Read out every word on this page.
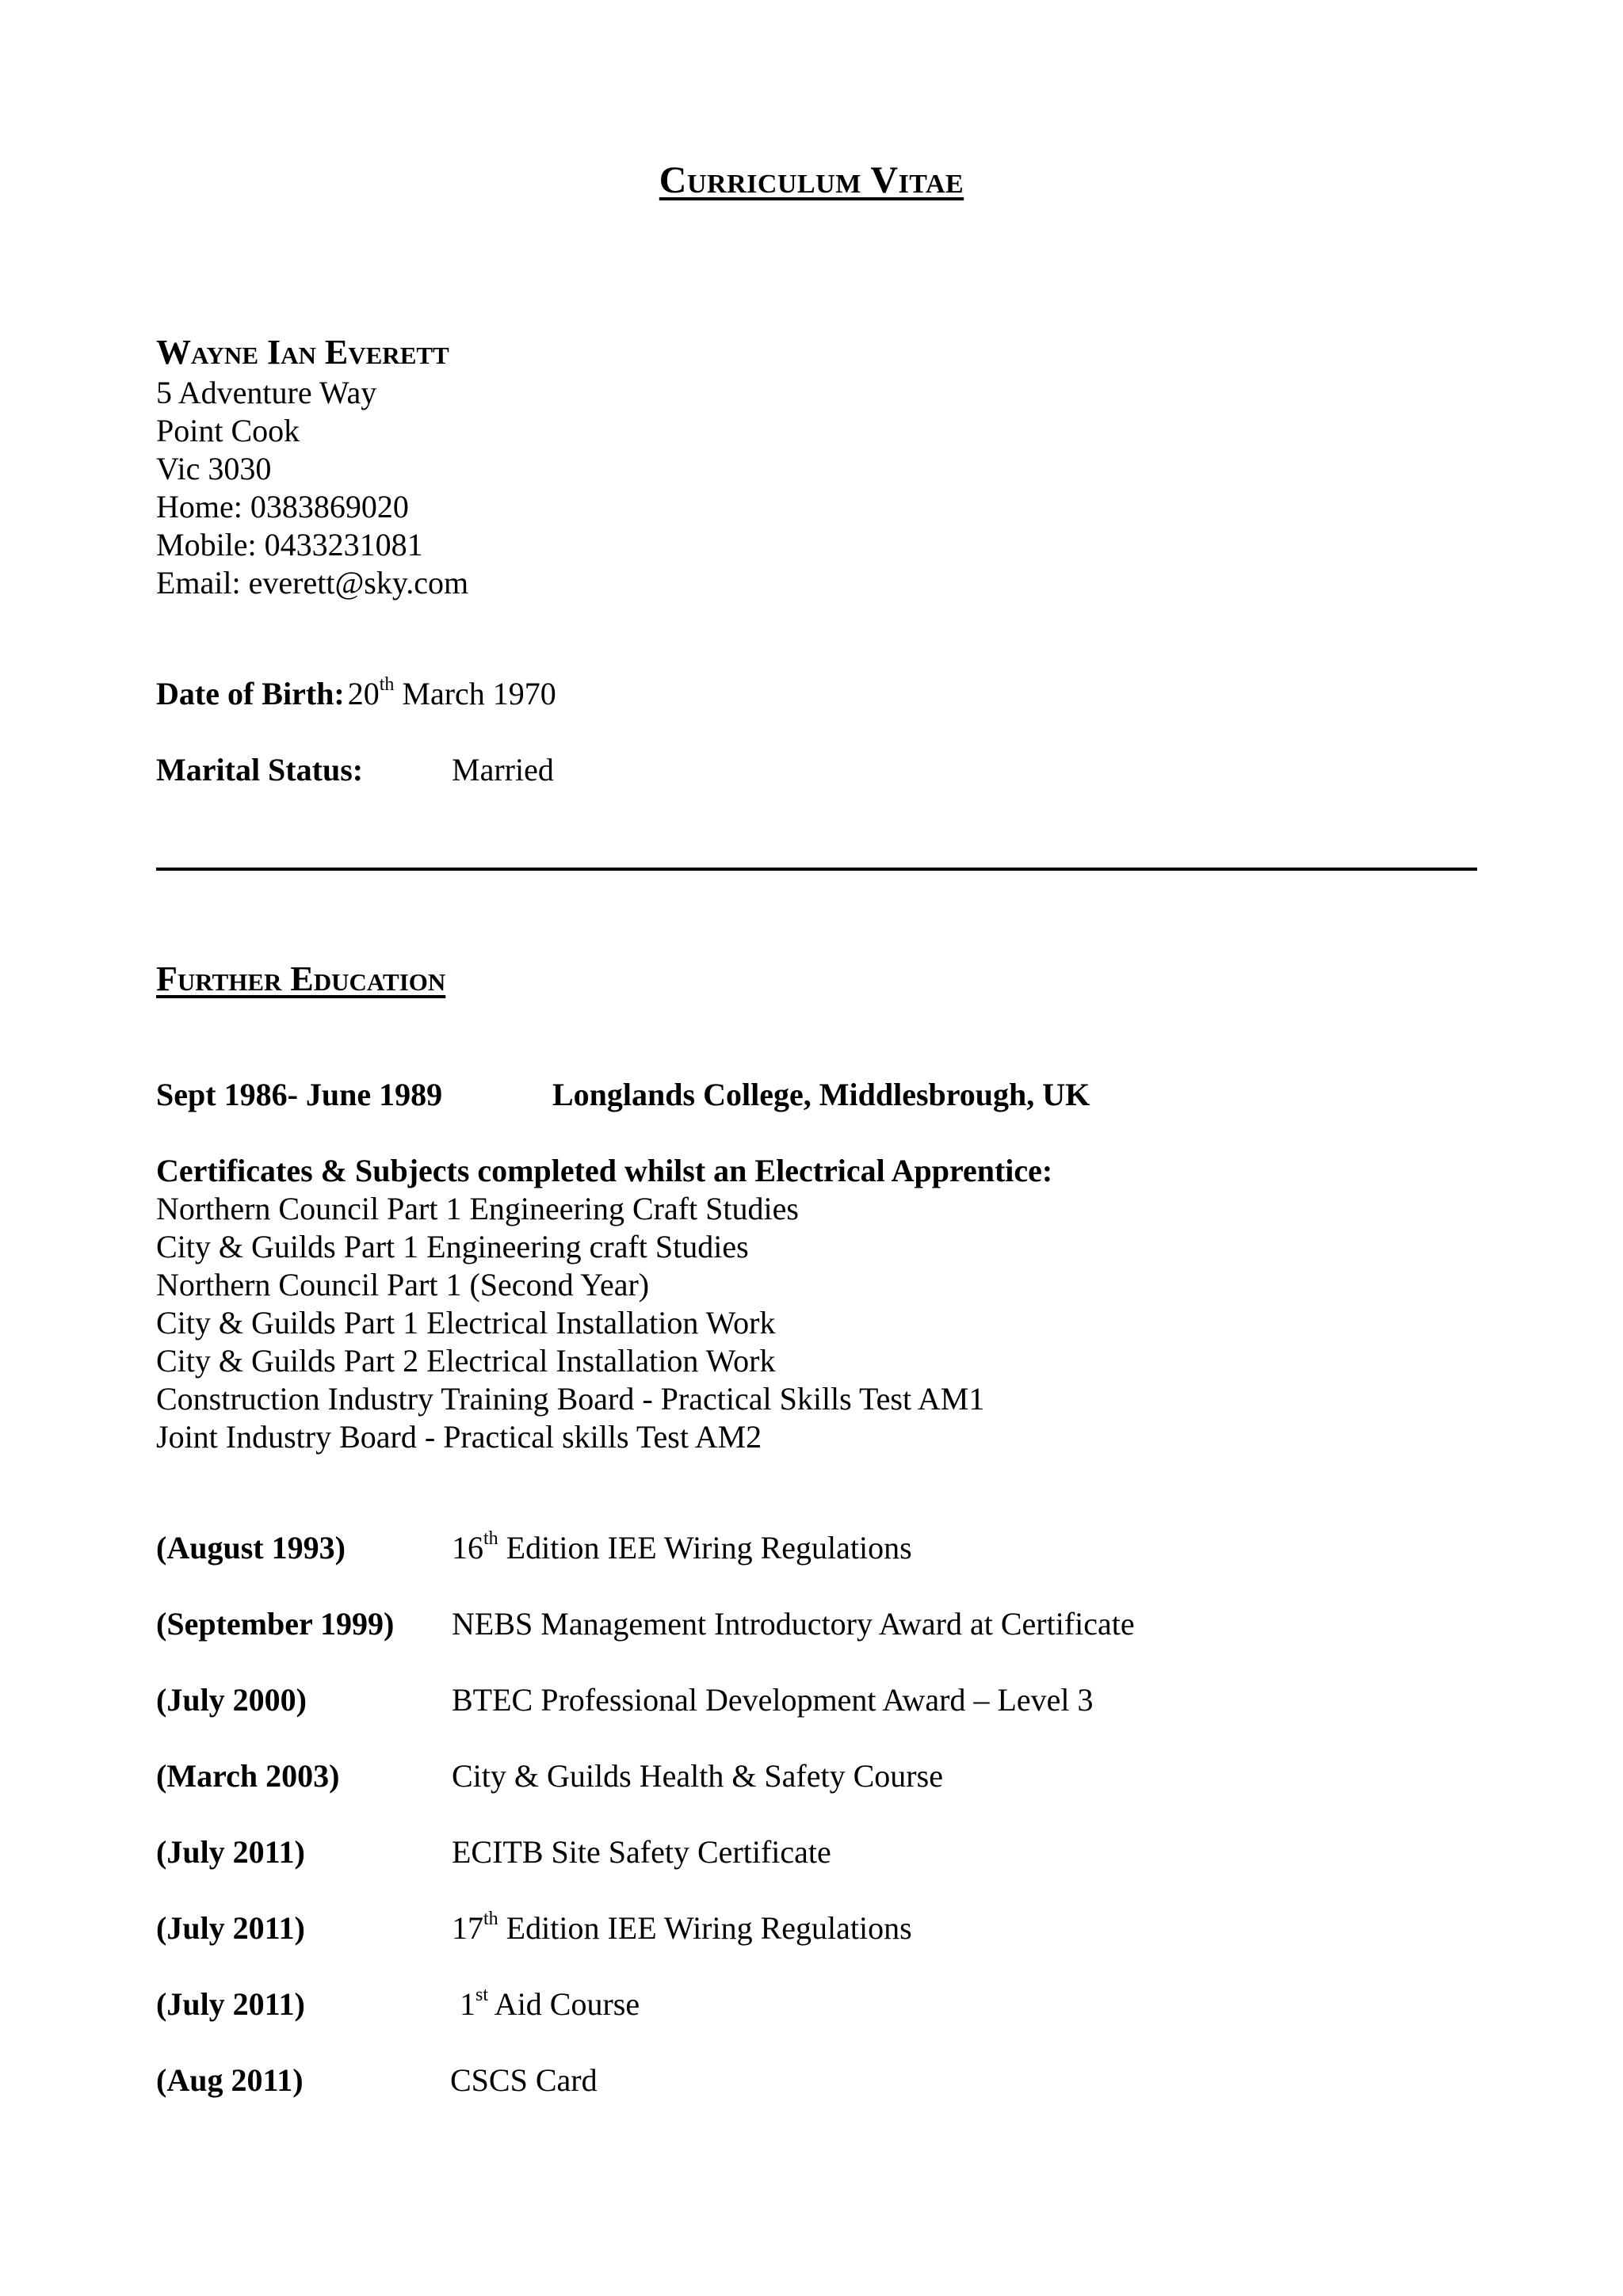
Curriculum Vitae
Wayne Ian Everett
5 Adventure Way
Point Cook
Vic 3030
Home: 0383869020
Mobile: 0433231081
Email: everett@sky.com
Date of Birth: 20th March 1970
Marital Status:	Married
Further Education
Sept 1986- June 1989	Longlands College, Middlesbrough, UK
Certificates & Subjects completed whilst an Electrical Apprentice:
Northern Council Part 1 Engineering Craft Studies
City & Guilds Part 1 Engineering craft Studies
Northern Council Part 1 (Second Year)
City & Guilds Part 1 Electrical Installation Work
City & Guilds Part 2 Electrical Installation Work
Construction Industry Training Board - Practical Skills Test AM1
Joint Industry Board - Practical skills Test AM2
(August 1993)	16th Edition IEE Wiring Regulations
(September 1999) NEBS Management Introductory Award at Certificate
(July 2000)	BTEC Professional Development Award – Level 3
(March 2003)	City & Guilds Health & Safety Course
(July 2011)	ECITB Site Safety Certificate
(July 2011)	17th Edition IEE Wiring Regulations
(July 2011)	1st Aid Course
(Aug 2011)	CSCS Card
